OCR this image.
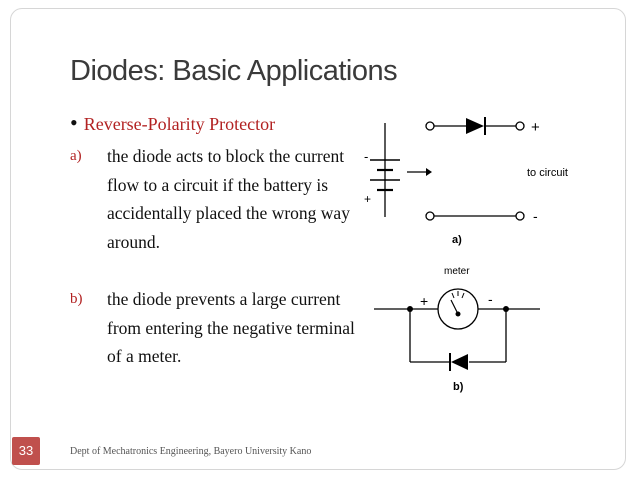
Diodes: Basic Applications
• Reverse-Polarity Protector
a) the diode acts to block the current flow to a circuit if the battery is accidentally placed the wrong way around.
b) the diode prevents a large current from entering the negative terminal of a meter.
-
+
+
-
to circuit
a)
meter
+	-
b)
33	Dept of Mechatronics Engineering, Bayero University Kano
